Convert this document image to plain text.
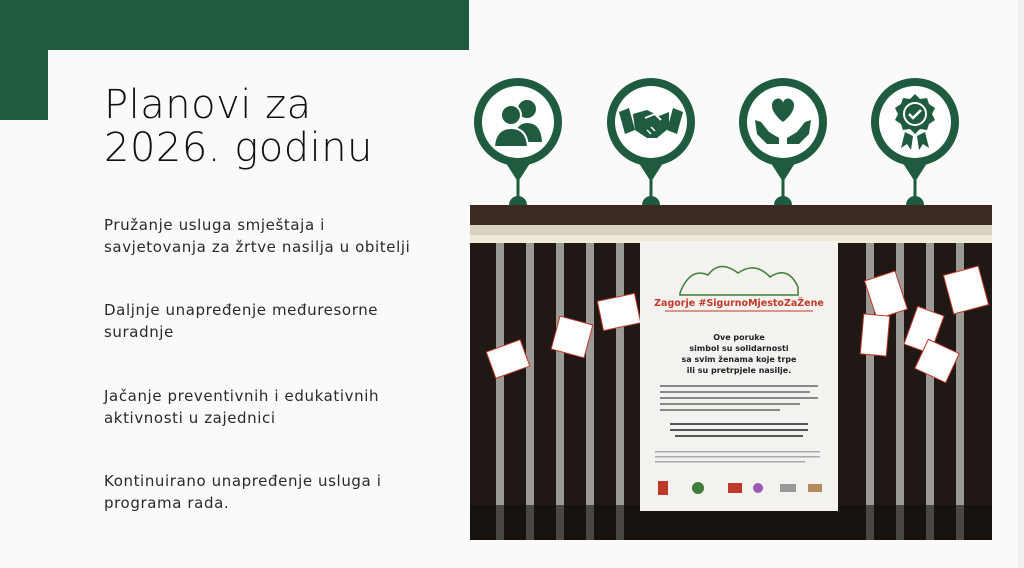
Planovi za
2026. godinu

Pružanje usluga smještaja i
savjetovanja za žrtve nasilja u obitelji

Daljnje unapređenje međuresorne
suradnje

Jačanje preventivnih i edukativnih
aktivnosti u zajednici

Kontinuirano unapređenje usluga i
programa rada.

Zagorje #SigurnoMjestoZaŽene
Ove poruke
simbol su solidarnosti
sa svim ženama koje trpe
ili su pretrpjele nasilje.
